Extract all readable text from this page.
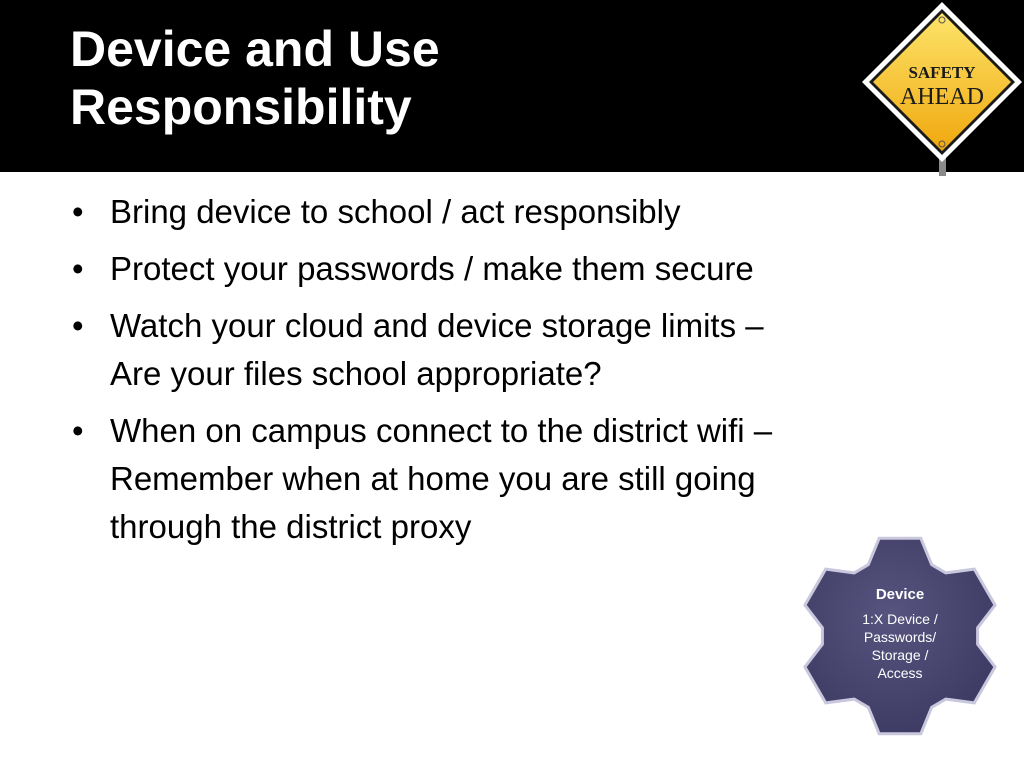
Device and Use
Responsibility
SAFETY
AHEAD
• Bring device to school / act responsibly
• Protect your passwords / make them secure
• Watch your cloud and device storage limits –
Are your files school appropriate?
• When on campus connect to the district wifi –
Remember when at home you are still going
through the district proxy
Device
1:X Device /
Passwords/
Storage /
Access
